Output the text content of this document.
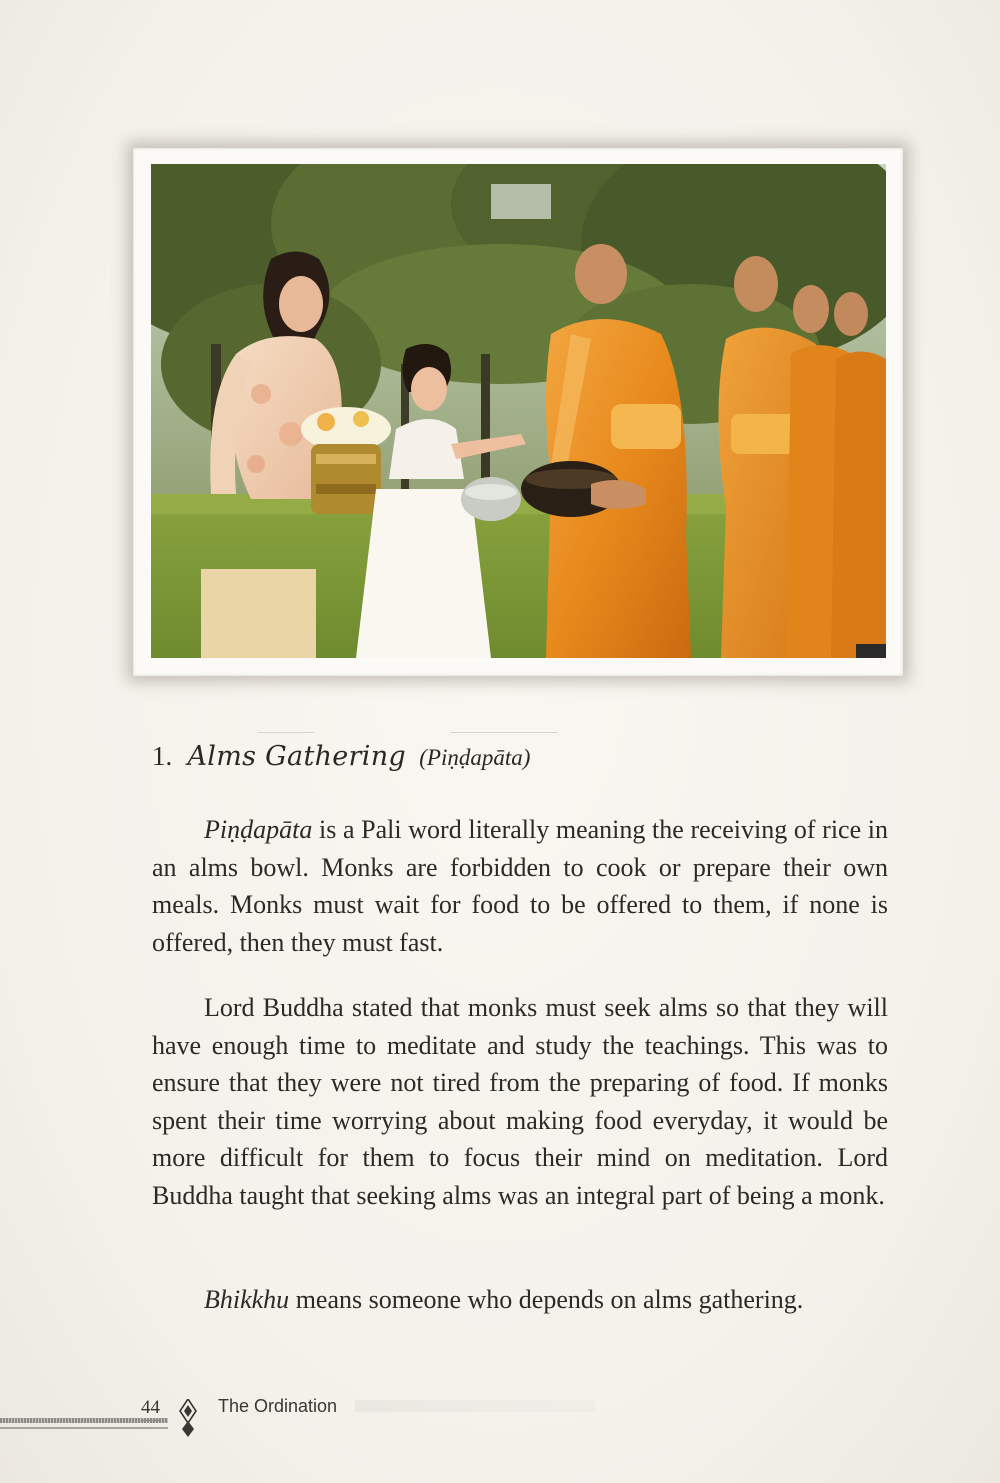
1. Alms Gathering (Piṇḍapāta)

Piṇḍapāta is a Pali word literally meaning the receiving of rice in an alms bowl. Monks are forbidden to cook or prepare their own meals. Monks must wait for food to be offered to them, if none is offered, then they must fast.

Lord Buddha stated that monks must seek alms so that they will have enough time to meditate and study the teachings. This was to ensure that they were not tired from the preparing of food. If monks spent their time worrying about making food everyday, it would be more difficult for them to focus their mind on meditation. Lord Buddha taught that seeking alms was an integral part of being a monk.

Bhikkhu means someone who depends on alms gathering.

44	The Ordination
